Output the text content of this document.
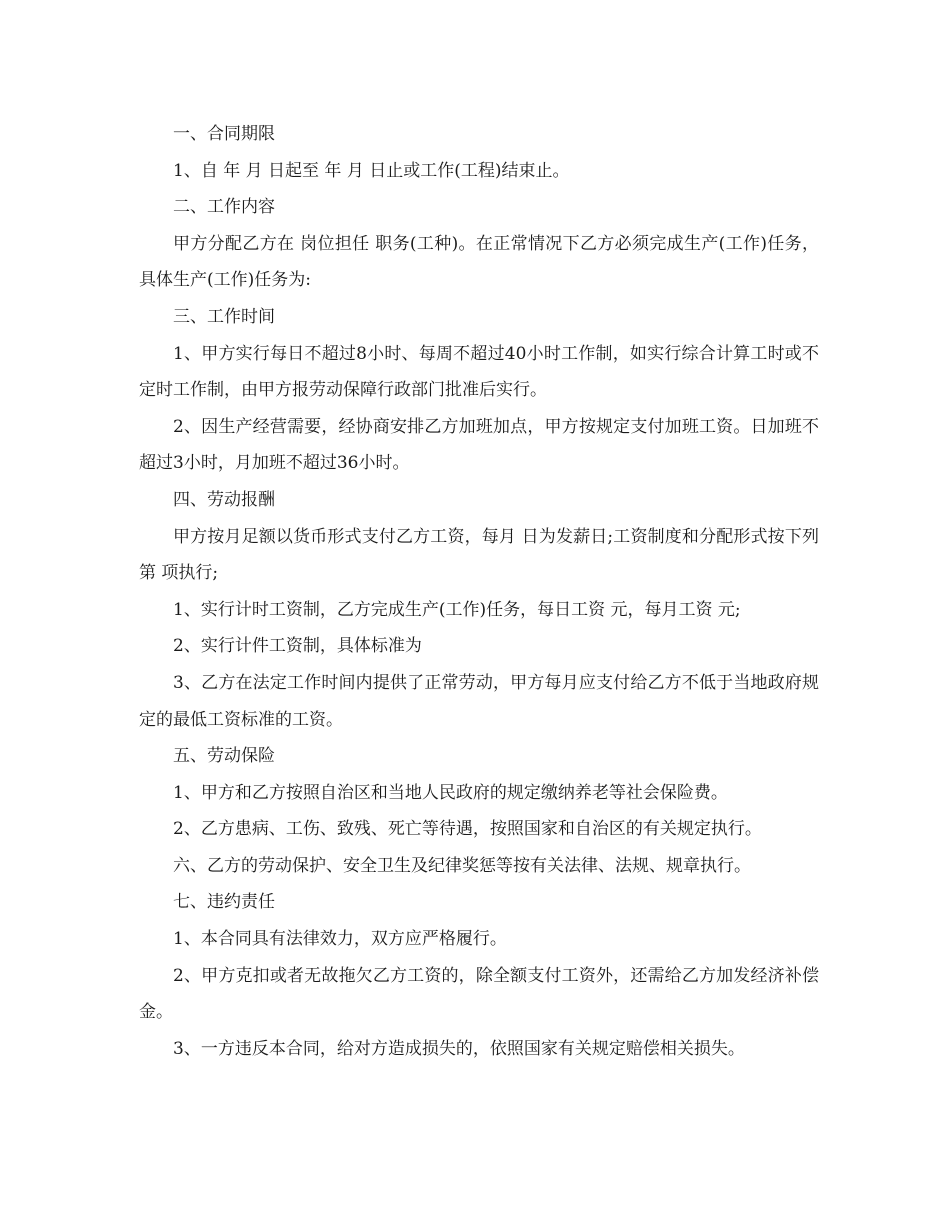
一、合同期限

1、自 年 月 日起至 年 月 日止或工作(工程)结束止。

二、工作内容

甲方分配乙方在 岗位担任 职务(工种)。在正常情况下乙方必须完成生产(工作)任务，具体生产(工作)任务为:

三、工作时间

1、甲方实行每日不超过8小时、每周不超过40小时工作制，如实行综合计算工时或不定时工作制，由甲方报劳动保障行政部门批准后实行。

2、因生产经营需要，经协商安排乙方加班加点，甲方按规定支付加班工资。日加班不超过3小时，月加班不超过36小时。

四、劳动报酬

甲方按月足额以货币形式支付乙方工资，每月 日为发薪日;工资制度和分配形式按下列第 项执行;

1、实行计时工资制，乙方完成生产(工作)任务，每日工资 元，每月工资 元;

2、实行计件工资制，具体标准为

3、乙方在法定工作时间内提供了正常劳动，甲方每月应支付给乙方不低于当地政府规定的最低工资标准的工资。

五、劳动保险

1、甲方和乙方按照自治区和当地人民政府的规定缴纳养老等社会保险费。

2、乙方患病、工伤、致残、死亡等待遇，按照国家和自治区的有关规定执行。

六、乙方的劳动保护、安全卫生及纪律奖惩等按有关法律、法规、规章执行。

七、违约责任

1、本合同具有法律效力，双方应严格履行。

2、甲方克扣或者无故拖欠乙方工资的，除全额支付工资外，还需给乙方加发经济补偿金。

3、一方违反本合同，给对方造成损失的，依照国家有关规定赔偿相关损失。
